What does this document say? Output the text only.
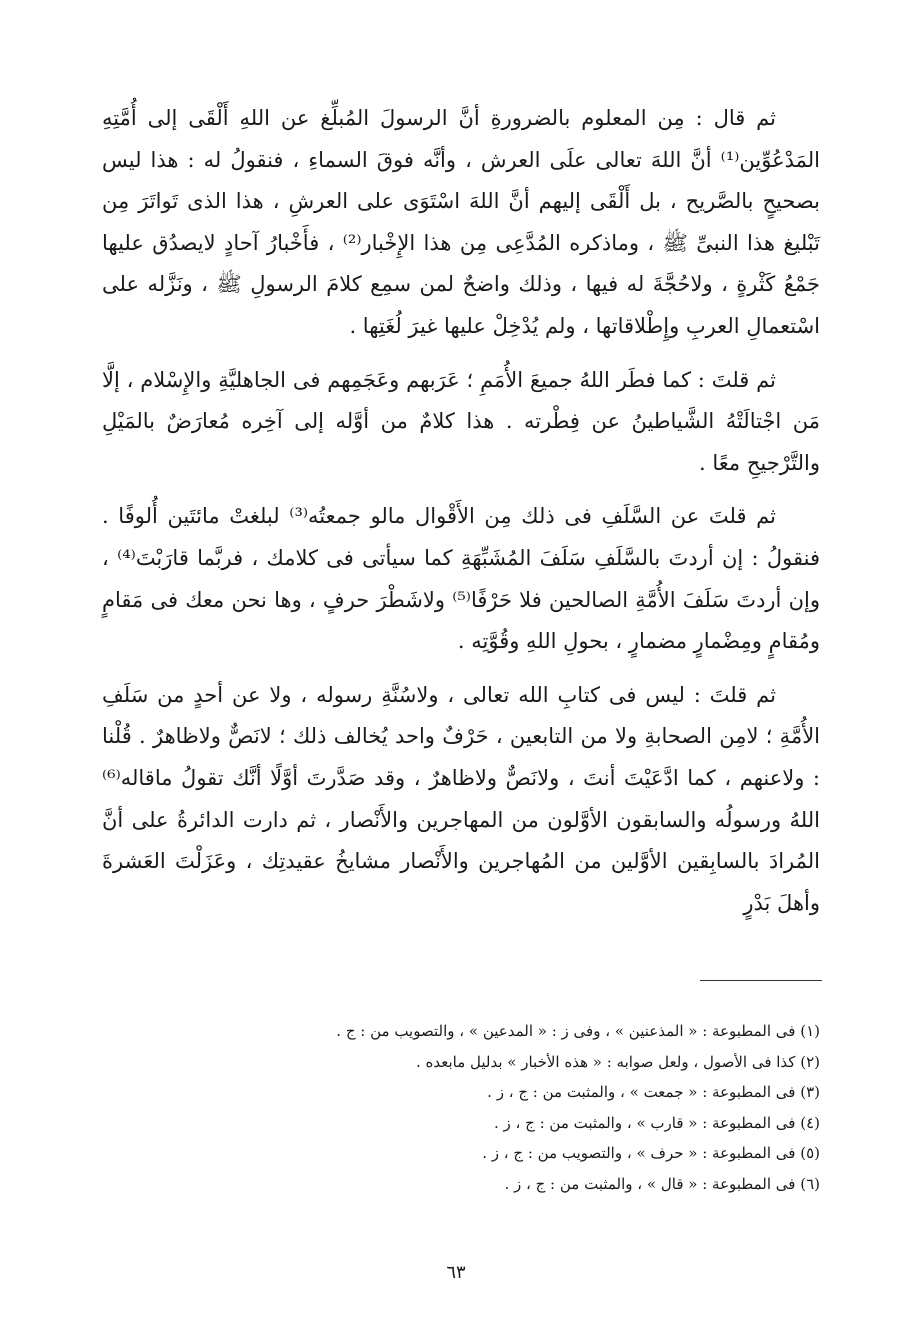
ثم قال : مِن المعلوم بالضرورةِ أنَّ الرسولَ المُبلِّغ عن اللهِ أَلْقَى إلى أُمَّتِهِ المَدْعُوِّين⁽¹⁾ أنَّ اللهَ تعالى علَى العرش ، وأنَّه فوقَ السماءِ ، فنقولُ له : هذا ليس بصحيحٍ بالصَّريح ، بل أَلْقَى إليهم أنَّ اللهَ اسْتَوَى على العرشِ ، هذا الذى تَواتَرَ مِن تَبْليغ هذا النبىِّ ﷺ ، وماذكره المُدَّعِى مِن هذا الإِخْبار⁽²⁾ ، فأَخْبارُ آحادٍ لايصدُق عليها جَمْعُ كَثْرةٍ ، ولاحُجَّةَ له فيها ، وذلك واضحٌ لمن سمِع كلامَ الرسولِ ﷺ ، ونَزَّله على اسْتعمالِ العربِ وإِطْلاقاتها ، ولم يُدْخِلْ عليها غيرَ لُغَتِها .

ثم قلتَ : كما فطَر اللهُ جميعَ الأُمَمِ ؛ عَرَبهم وعَجَمِهم فى الجاهليَّةِ والإِسْلام ، إلَّا مَن اجْتالَتْهُ الشَّياطينُ عن فِطْرته . هذا كلامٌ من أوَّله إلى آخِره مُعارَضٌ بالمَيْلِ والتَّرْجيحِ معًا .

ثم قلتَ عن السَّلَفِ فى ذلك مِن الأَقْوال مالو جمعتُه⁽³⁾ لبلغتْ مائتَين أُلوفًا . فنقولُ : إن أردتَ بالسَّلَفِ سَلَفَ المُشَبِّهَةِ كما سيأتى فى كلامك ، فربَّما قارَبْتَ⁽⁴⁾ ، وإن أردتَ سَلَفَ الأُمَّةِ الصالحين فلا حَرْفًا⁽⁵⁾ ولاشَطْرَ حرفٍ ، وها نحن معك فى مَقامٍ ومُقامٍ ومِضْمارٍ مضمارٍ ، بحولِ اللهِ وقُوَّتِه .

ثم قلتَ : ليس فى كتابِ الله تعالى ، ولاسُنَّةِ رسوله ، ولا عن أحدٍ من سَلَفِ الأُمَّةِ ؛ لامِن الصحابةِ ولا من التابعين ، حَرْفٌ واحد يُخالف ذلك ؛ لانَصٌّ ولاظاهرٌ . قُلْنا : ولاعنهم ، كما ادَّعَيْتَ أنتَ ، ولانَصٌّ ولاظاهرٌ ، وقد صَدَّرتَ أوَّلًا أنَّك تقولُ ماقاله⁽⁶⁾ اللهُ ورسولُه والسابقون الأوَّلون من المهاجرين والأَنْصار ، ثم دارت الدائرةُ على أنَّ المُرادَ بالسابِقين الأوَّلين من المُهاجرين والأَنْصار مشايخُ عقيدتِك ، وعَزَلْتَ العَشرةَ وأهلَ بَدْرٍ

(١) فى المطبوعة : « المذعنين » ، وفى ز : « المدعين » ، والتصويب من : ج .
(٢) كذا فى الأصول ، ولعل صوابه : « هذه الأخبار » بدليل مابعده .
(٣) فى المطبوعة : « جمعت » ، والمثبت من : ج ، ز .
(٤) فى المطبوعة : « قارب » ، والمثبت من : ج ، ز .
(٥) فى المطبوعة : « حرف » ، والتصويب من : ج ، ز .
(٦) فى المطبوعة : « قال » ، والمثبت من : ج ، ز .
٦٣
